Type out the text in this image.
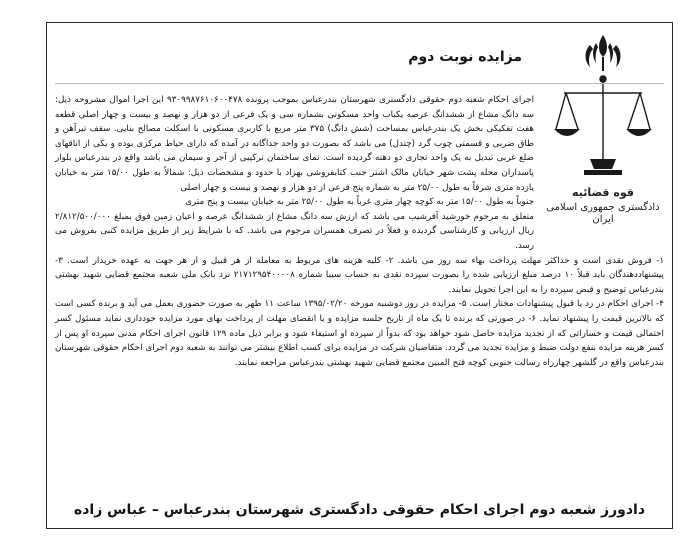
قوه قضائیه
دادگستری جمهوری اسلامی ایران
مزایده نوبت دوم

اجرای احکام شعبه دوم حقوقی دادگستری شهرستان بندرعباس بموجب پرونده ۹۳۰۹۹۸۷۶۱۰۶۰۰۴۷۸ این اجرا اموال مشروحه ذیل: سه دانگ مشاع از ششدانگ عرصه یکباب واحد مسکونی بشماره سی و یک فرعی از دو هزار و نهصد و بیست و چهار اصلی قطعه هفت تفکیکی بخش یک بندرعباس بمساحت (شش دانگ) ۳۷۵ متر مربع با کاربری مسکونی با اسکلت مصالح بنایی. سقف تیرآهن و طاق ضربی و قسمتی چوب گرد (چندل) می باشد که بصورت دو واحد جداگانه در آمده که دارای حیاط مرکزی بوده و یکی از اتاقهای ضلع غربی تبدیل به یک واحد تجاری دو دهنه گردیده است. نمای ساختمان ترکیبی از آجر و سیمان می باشد واقع در بندرعباس بلوار پاسداران محله پشت شهر خیابان مالک اشتر جنب کتابفروشی بهزاد با حدود و مشخصات ذیل: شمالاً به طول ۱۵/۰۰ متر به خیابان یازده متری شرقاً به طول ۲۵/۰۰ متر به شماره پنج فرعی از دو هزار و نهصد و بیست و چهار اصلی

جنوباً به طول ۱۵/۰۰ متر به کوچه چهار متری غرباً به طول ۲۵/۰۰ متر به خیابان بیست و پنج متری

متعلق به مرحوم خورشید آفرشیب می باشد که ارزش سه دانگ مشاع از ششدانگ عرصه و اعیان زمین فوق بمبلغ ۲/۸۱۲/۵۰۰/۰۰۰ ریال ارزیابی و کارشناسی گردیده و فعلاً در تصرف همسران مرحوم می باشد. که با شرایط زیر از طریق مزایده کتبی بفروش می رسد.

۱- فروش نقدی است و حداکثر مهلت پرداخت بهاء سه روز می باشد. ۲- کلیه هزینه های مربوط به معامله از هر قبیل و از هر جهت به عهده خریدار است. ۳- پیشنهاددهندگان باید قبلاً ۱۰ درصد مبلغ ارزیابی شده را بصورت سپرده نقدی به حساب سیبا شماره ۲۱۷۱۲۹۵۴۰۰۰۰۸ نزد بانک ملی شعبه مجتمع قضایی شهید بهشتی بندرعباس توضیح و قبض سپرده را به این اجرا تحویل نمایند.

۴- اجرای احکام در رد یا قبول پیشنهادات مختار است. ۵- مزایده در روز دوشنبه مورخه ۱۳۹۵/۰۲/۲۰ ساعت ۱۱ ظهر به صورت حضوری بعمل می آید و برنده کسی است که بالاترین قیمت را پیشنهاد نماید. ۶- در صورتی که برنده تا یک ماه از تاریخ جلسه مزایده و یا انقضای مهلت از پرداخت بهای مورد مزایده خودداری نماید مسئول کسر احتمالی قیمت و خساراتی که از تجدید مزایده حاصل شود خواهد بود که بدواً از سپرده او استیفاء شود و برابر ذیل ماده ۱۲۹ قانون اجرای احکام مدنی سپرده او پس از کسر هزینه مزایده بنفع دولت ضبط و مزایده تجدید می گردد. متقاضیان شرکت در مزایده برای کسب اطلاع بیشتر می توانند به شعبه دوم اجرای احکام حقوقی شهرستان بندرعباس واقع در گلشهر چهارراه رسالت جنوبی کوچه فتح المبین مجتمع قضایی شهید بهشتی بندرعباس مراجعه نمایند.

دادورز شعبه دوم اجرای احکام حقوقی دادگستری شهرستان بندرعباس – عباس زاده
